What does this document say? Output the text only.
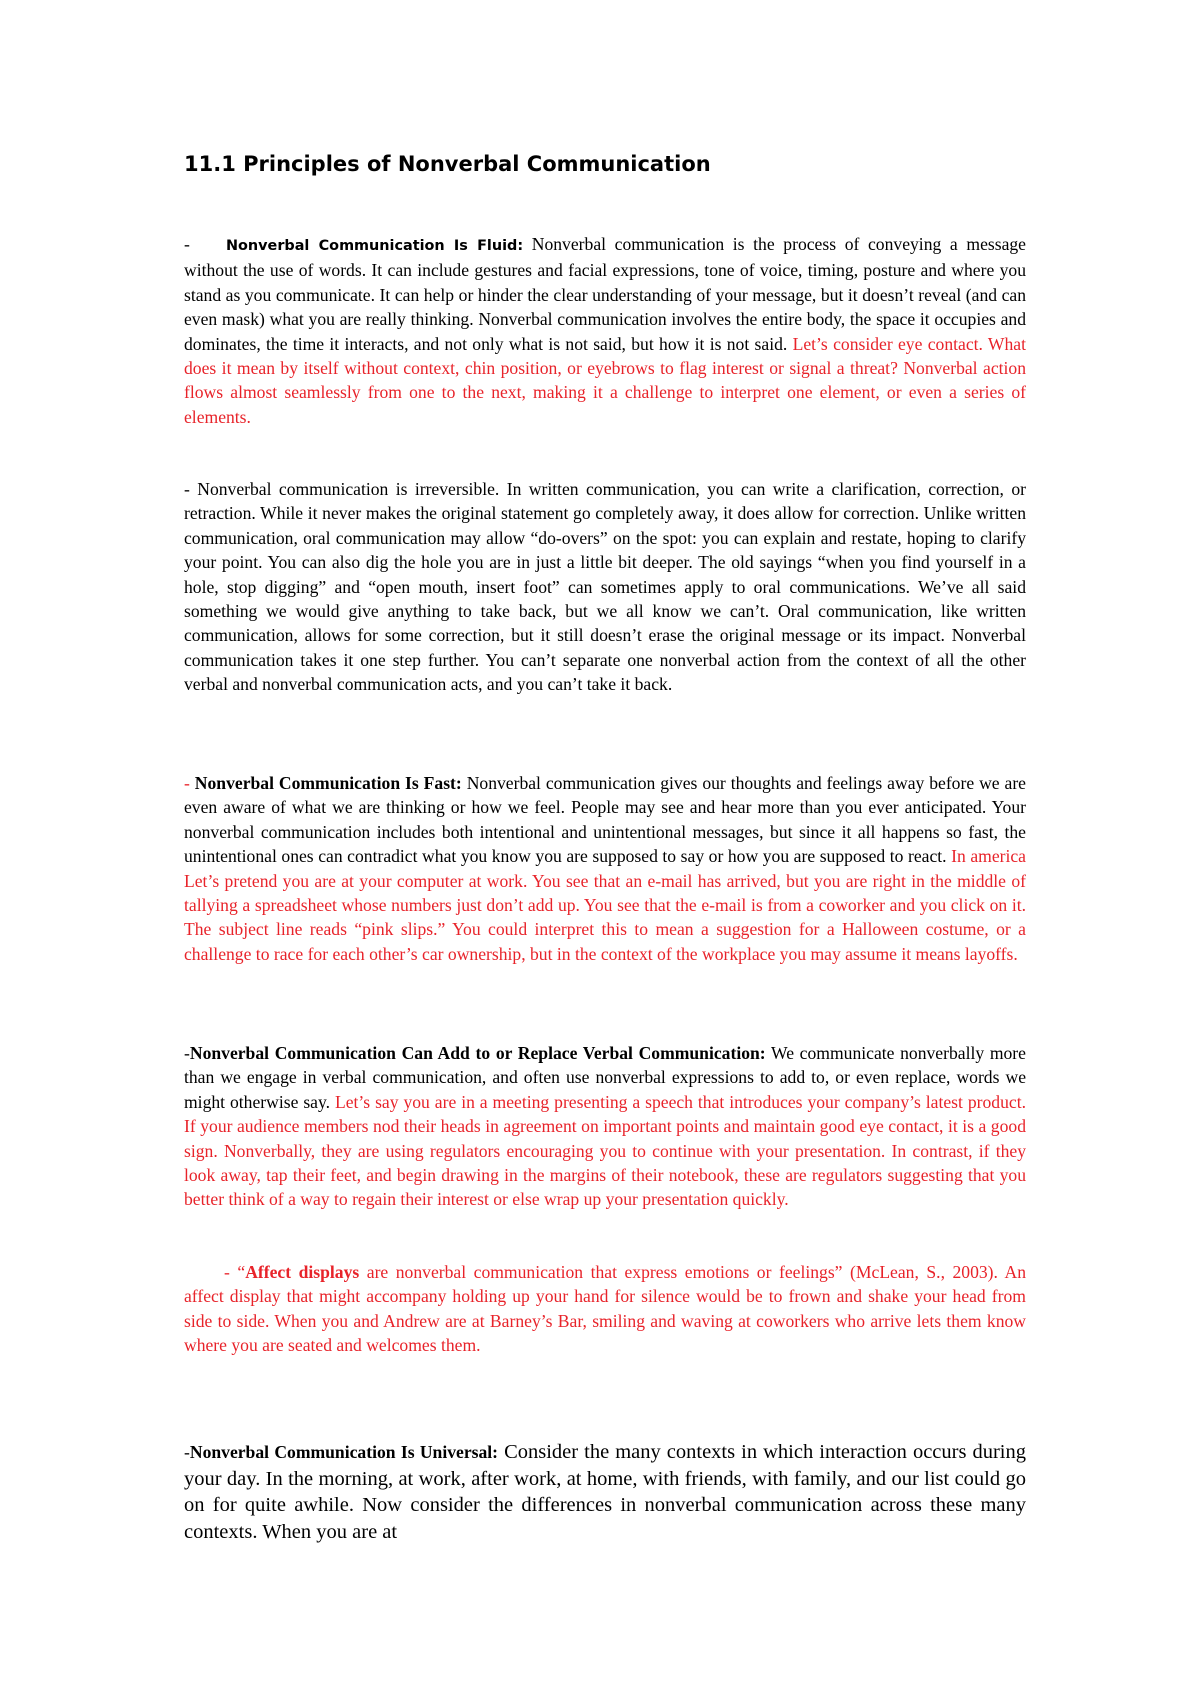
11.1 Principles of Nonverbal Communication

-	Nonverbal Communication Is Fluid: Nonverbal communication is the process of conveying a message without the use of words. It can include gestures and facial expressions, tone of voice, timing, posture and where you stand as you communicate. It can help or hinder the clear understanding of your message, but it doesn’t reveal (and can even mask) what you are really thinking. Nonverbal communication involves the entire body, the space it occupies and dominates, the time it interacts, and not only what is not said, but how it is not said. Let’s consider eye contact. What does it mean by itself without context, chin position, or eyebrows to flag interest or signal a threat? Nonverbal action flows almost seamlessly from one to the next, making it a challenge to interpret one element, or even a series of elements.

- Nonverbal communication is irreversible. In written communication, you can write a clarification, correction, or retraction. While it never makes the original statement go completely away, it does allow for correction. Unlike written communication, oral communication may allow “do-overs” on the spot: you can explain and restate, hoping to clarify your point. You can also dig the hole you are in just a little bit deeper. The old sayings “when you find yourself in a hole, stop digging” and “open mouth, insert foot” can sometimes apply to oral communications. We’ve all said something we would give anything to take back, but we all know we can’t. Oral communication, like written communication, allows for some correction, but it still doesn’t erase the original message or its impact. Nonverbal communication takes it one step further. You can’t separate one nonverbal action from the context of all the other verbal and nonverbal communication acts, and you can’t take it back.

- Nonverbal Communication Is Fast: Nonverbal communication gives our thoughts and feelings away before we are even aware of what we are thinking or how we feel. People may see and hear more than you ever anticipated. Your nonverbal communication includes both intentional and unintentional messages, but since it all happens so fast, the unintentional ones can contradict what you know you are supposed to say or how you are supposed to react. In america Let’s pretend you are at your computer at work. You see that an e-mail has arrived, but you are right in the middle of tallying a spreadsheet whose numbers just don’t add up. You see that the e-mail is from a coworker and you click on it. The subject line reads “pink slips.” You could interpret this to mean a suggestion for a Halloween costume, or a challenge to race for each other’s car ownership, but in the context of the workplace you may assume it means layoffs.

-Nonverbal Communication Can Add to or Replace Verbal Communication: We communicate nonverbally more than we engage in verbal communication, and often use nonverbal expressions to add to, or even replace, words we might otherwise say. Let’s say you are in a meeting presenting a speech that introduces your company’s latest product. If your audience members nod their heads in agreement on important points and maintain good eye contact, it is a good sign. Nonverbally, they are using regulators encouraging you to continue with your presentation. In contrast, if they look away, tap their feet, and begin drawing in the margins of their notebook, these are regulators suggesting that you better think of a way to regain their interest or else wrap up your presentation quickly.

- “Affect displays are nonverbal communication that express emotions or feelings” (McLean, S., 2003). An affect display that might accompany holding up your hand for silence would be to frown and shake your head from side to side. When you and Andrew are at Barney’s Bar, smiling and waving at coworkers who arrive lets them know where you are seated and welcomes them.

-Nonverbal Communication Is Universal: Consider the many contexts in which interaction occurs during your day. In the morning, at work, after work, at home, with friends, with family, and our list could go on for quite awhile. Now consider the differences in nonverbal communication across these many contexts. When you are at
